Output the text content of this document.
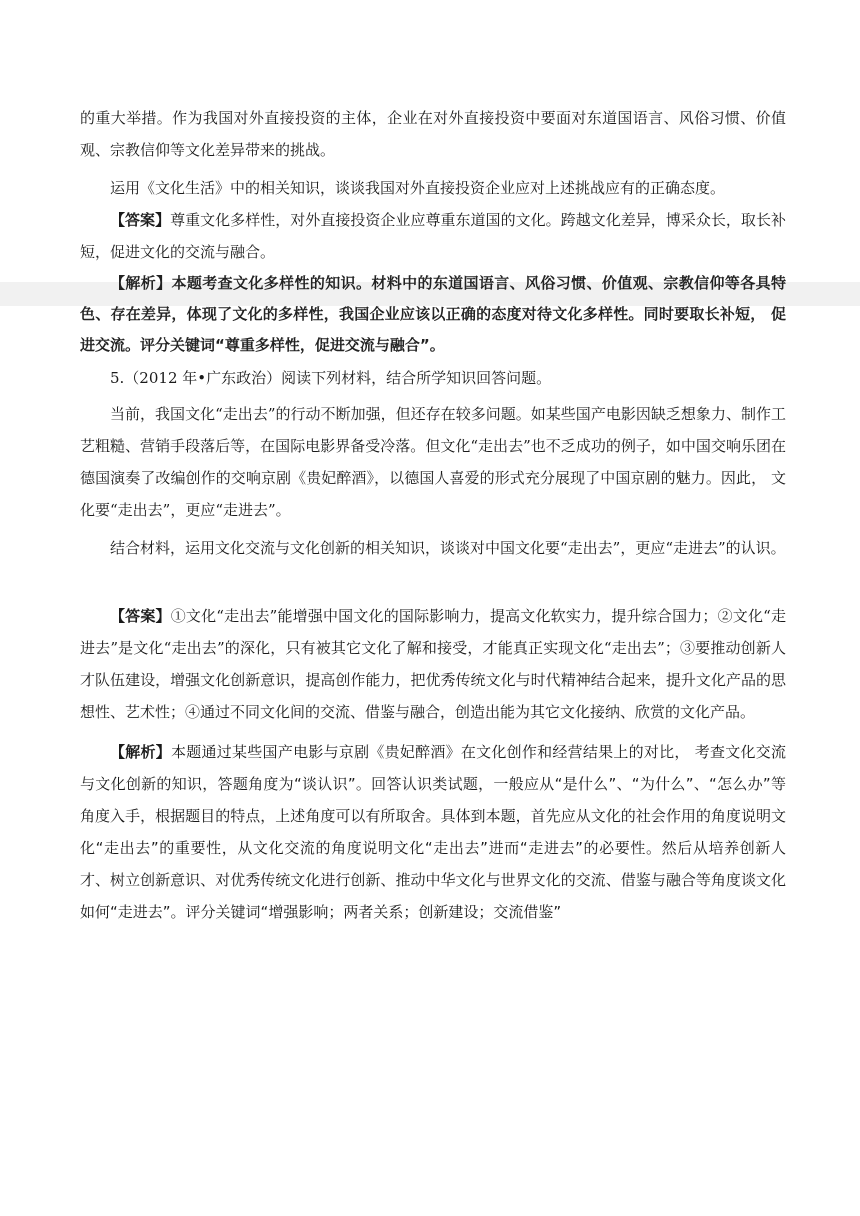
的重大举措。作为我国对外直接投资的主体，企业在对外直接投资中要面对东道国语言、风俗习惯、价值观、宗教信仰等文化差异带来的挑战。

运用《文化生活》中的相关知识，谈谈我国对外直接投资企业应对上述挑战应有的正确态度。

【答案】尊重文化多样性，对外直接投资企业应尊重东道国的文化。跨越文化差异，博采众长，取长补短，促进文化的交流与融合。

【解析】本题考查文化多样性的知识。材料中的东道国语言、风俗习惯、价值观、宗教信仰等各具特色、存在差异，体现了文化的多样性，我国企业应该以正确的态度对待文化多样性。同时要取长补短， 促进交流。评分关键词“尊重多样性，促进交流与融合”。

5.（2012 年•广东政治）阅读下列材料，结合所学知识回答问题。

当前，我国文化“走出去”的行动不断加强，但还存在较多问题。如某些国产电影因缺乏想象力、制作工艺粗糙、营销手段落后等，在国际电影界备受冷落。但文化“走出去”也不乏成功的例子，如中国交响乐团在德国演奏了改编创作的交响京剧《贵妃醉酒》，以德国人喜爱的形式充分展现了中国京剧的魅力。因此， 文化要“走出去”，更应“走进去”。

结合材料，运用文化交流与文化创新的相关知识，谈谈对中国文化要“走出去”，更应“走进去”的认识。

【答案】①文化“走出去”能增强中国文化的国际影响力，提高文化软实力，提升综合国力；②文化“走进去”是文化“走出去”的深化，只有被其它文化了解和接受，才能真正实现文化“走出去”；③要推动创新人才队伍建设，增强文化创新意识，提高创作能力，把优秀传统文化与时代精神结合起来，提升文化产品的思想性、艺术性；④通过不同文化间的交流、借鉴与融合，创造出能为其它文化接纳、欣赏的文化产品。

【解析】本题通过某些国产电影与京剧《贵妃醉酒》在文化创作和经营结果上的对比， 考查文化交流与文化创新的知识，答题角度为“谈认识”。回答认识类试题，一般应从“是什么”、“为什么”、“怎么办”等角度入手，根据题目的特点，上述角度可以有所取舍。具体到本题，首先应从文化的社会作用的角度说明文化“走出去”的重要性，从文化交流的角度说明文化“走出去”进而“走进去”的必要性。然后从培养创新人才、树立创新意识、对优秀传统文化进行创新、推动中华文化与世界文化的交流、借鉴与融合等角度谈文化如何“走进去”。评分关键词“增强影响；两者关系；创新建设；交流借鉴”
